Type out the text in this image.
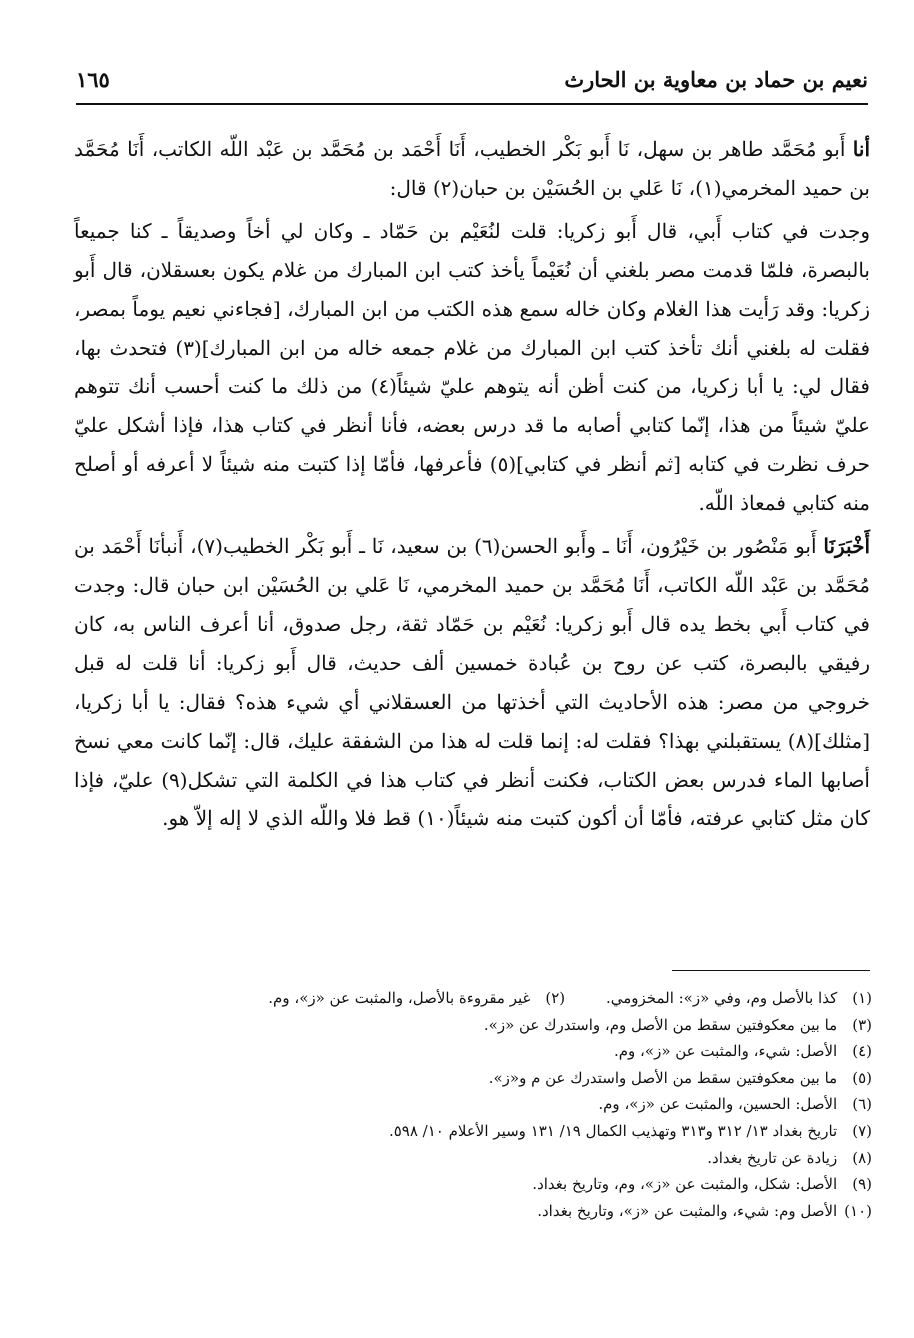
نعيم بن حماد بن معاوية بن الحارث
١٦٥

أنا أَبو مُحَمَّد طاهر بن سهل، نَا أَبو بَكْر الخطيب، أَنَا أَحْمَد بن مُحَمَّد بن عَبْد اللّه الكاتب، أَنَا مُحَمَّد بن حميد المخرمي(١)، نَا عَلي بن الحُسَيْن بن حبان(٢) قال:

وجدت في كتاب أَبي، قال أَبو زكريا: قلت لنُعَيْم بن حَمّاد ـ وكان لي أخاً وصديقاً ـ كنا جميعاً بالبصرة، فلمّا قدمت مصر بلغني أن نُعَيْماً يأخذ كتب ابن المبارك من غلام يكون بعسقلان، قال أَبو زكريا: وقد رَأيت هذا الغلام وكان خاله سمع هذه الكتب من ابن المبارك، [فجاءني نعيم يوماً بمصر، فقلت له بلغني أنك تأخذ كتب ابن المبارك من غلام جمعه خاله من ابن المبارك](٣) فتحدث بها، فقال لي: يا أبا زكريا، من كنت أظن أنه يتوهم عليّ شيئاً(٤) من ذلك ما كنت أحسب أنك تتوهم عليّ شيئاً من هذا، إنّما كتابي أصابه ما قد درس بعضه، فأنا أنظر في كتاب هذا، فإذا أشكل عليّ حرف نظرت في كتابه [ثم أنظر في كتابي](٥) فأعرفها، فأمّا إذا كتبت منه شيئاً لا أعرفه أو أصلح منه كتابي فمعاذ اللّه.

أَخْبَرَنَا أَبو مَنْصُور بن خَيْرُون، أَنَا ـ وأَبو الحسن(٦) بن سعيد، نَا ـ أَبو بَكْر الخطيب(٧)، أَنبأنَا أَحْمَد بن مُحَمَّد بن عَبْد اللّه الكاتب، أَنَا مُحَمَّد بن حميد المخرمي، نَا عَلي بن الحُسَيْن ابن حبان قال: وجدت في كتاب أَبي بخط يده قال أَبو زكريا: نُعَيْم بن حَمّاد ثقة، رجل صدوق، أنا أعرف الناس به، كان رفيقي بالبصرة، كتب عن روح بن عُبادة خمسين ألف حديث، قال أَبو زكريا: أنا قلت له قبل خروجي من مصر: هذه الأحاديث التي أخذتها من العسقلاني أي شيء هذه؟ فقال: يا أبا زكريا، [مثلك](٨) يستقبلني بهذا؟ فقلت له: إنما قلت له هذا من الشفقة عليك، قال: إنّما كانت معي نسخ أصابها الماء فدرس بعض الكتاب، فكنت أنظر في كتاب هذا في الكلمة التي تشكل(٩) عليّ، فإذا كان مثل كتابي عرفته، فأمّا أن أكون كتبت منه شيئاً(١٠) قط فلا واللّه الذي لا إله إلاّ هو.

(١) كذا بالأصل وم، وفي «ز»: المخزومي. (٢) غير مقروءة بالأصل، والمثبت عن «ز»، وم.
(٣) ما بين معكوفتين سقط من الأصل وم، واستدرك عن «ز».
(٤) الأصل: شيء، والمثبت عن «ز»، وم.
(٥) ما بين معكوفتين سقط من الأصل واستدرك عن م و«ز».
(٦) الأصل: الحسين، والمثبت عن «ز»، وم.
(٧) تاريخ بغداد ١٣/ ٣١٢ و٣١٣ وتهذيب الكمال ١٩/ ١٣١ وسير الأعلام ١٠/ ٥٩٨.
(٨) زيادة عن تاريخ بغداد.
(٩) الأصل: شكل، والمثبت عن «ز»، وم، وتاريخ بغداد.
(١٠) الأصل وم: شيء، والمثبت عن «ز»، وتاريخ بغداد.
